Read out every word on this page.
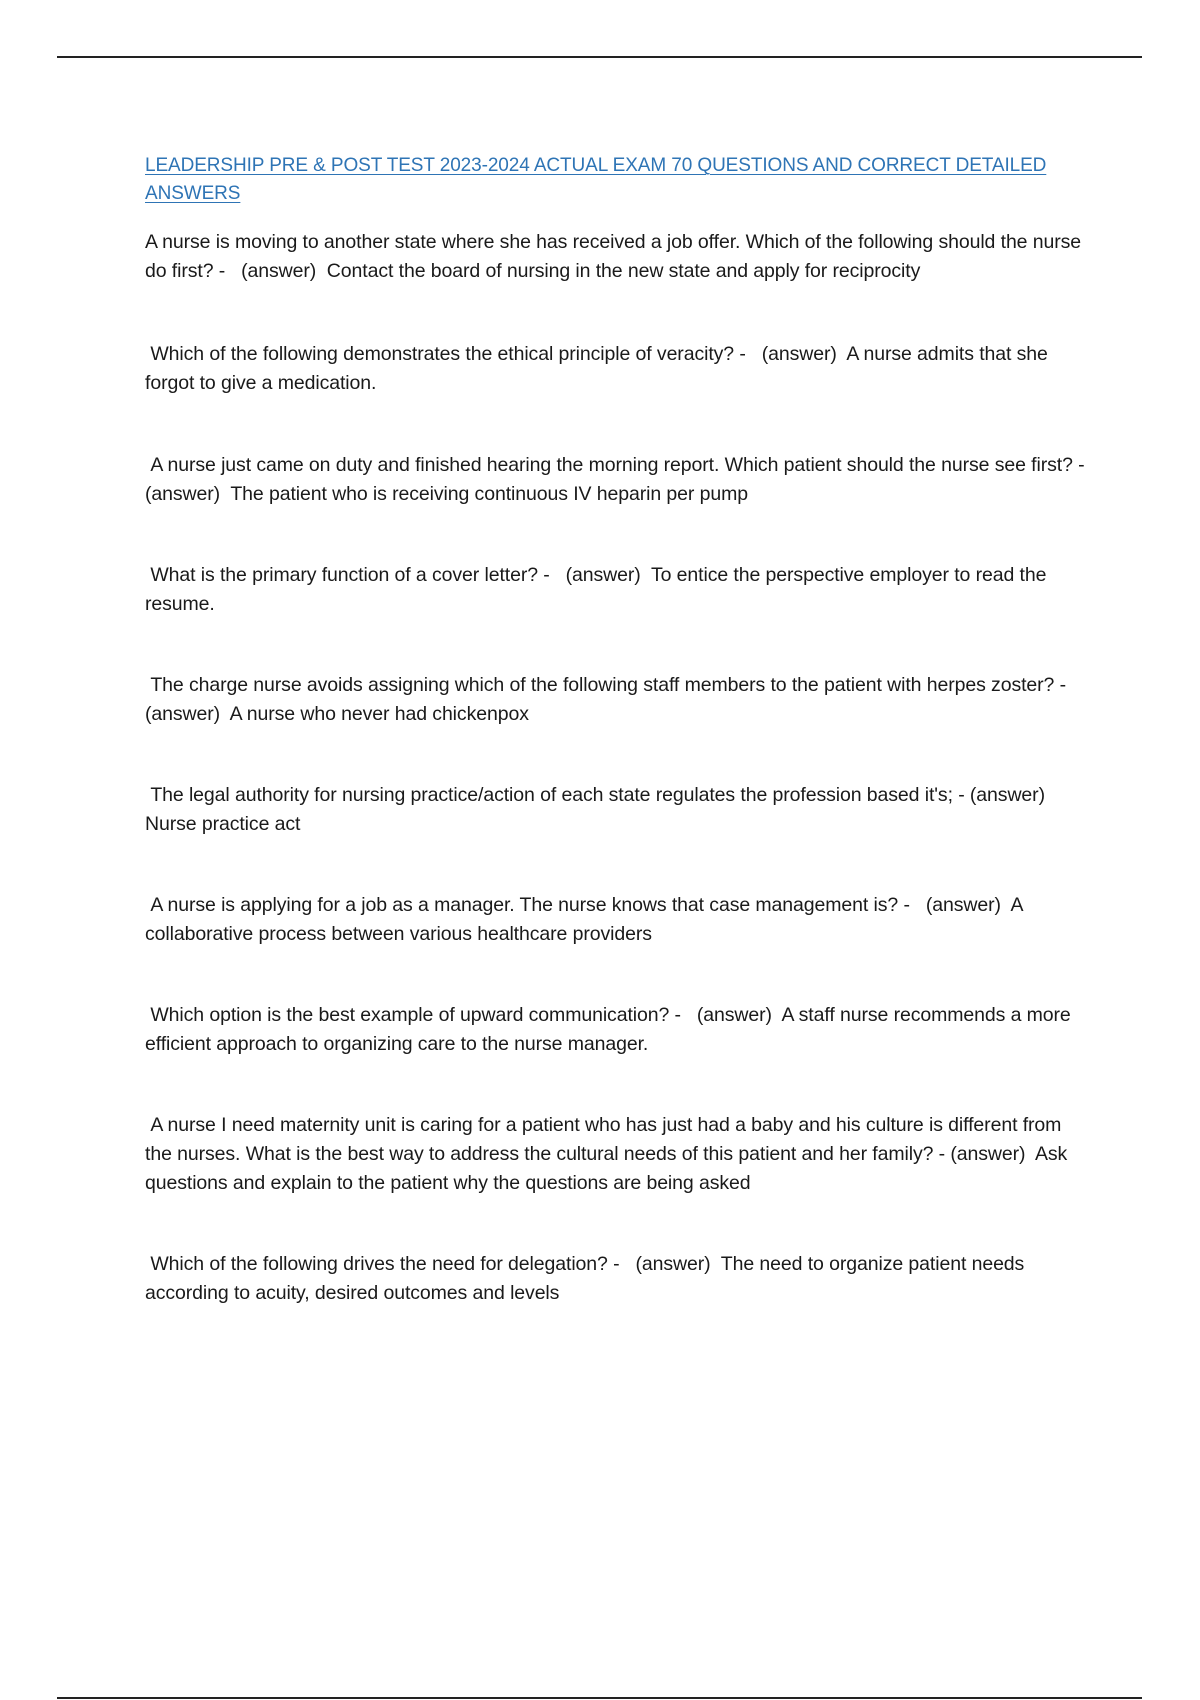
LEADERSHIP PRE & POST TEST 2023-2024 ACTUAL EXAM 70 QUESTIONS AND CORRECT DETAILED ANSWERS

A nurse is moving to another state where she has received a job offer. Which of the following should the nurse do first? -   (answer)  Contact the board of nursing in the new state and apply for reciprocity

Which of the following demonstrates the ethical principle of veracity? -   (answer)  A nurse admits that she forgot to give a medication.

A nurse just came on duty and finished hearing the morning report. Which patient should the nurse see first? -   (answer)  The patient who is receiving continuous IV heparin per pump

What is the primary function of a cover letter? -   (answer)  To entice the perspective employer to read the resume.

The charge nurse avoids assigning which of the following staff members to the patient with herpes zoster? -   (answer)  A nurse who never had chickenpox

The legal authority for nursing practice/action of each state regulates the profession based it's; - (answer)  Nurse practice act

A nurse is applying for a job as a manager. The nurse knows that case management is? -   (answer)  A collaborative process between various healthcare providers

Which option is the best example of upward communication? -   (answer)  A staff nurse recommends a more efficient approach to organizing care to the nurse manager.

A nurse I need maternity unit is caring for a patient who has just had a baby and his culture is different from the nurses. What is the best way to address the cultural needs of this patient and her family? - (answer)  Ask questions and explain to the patient why the questions are being asked

Which of the following drives the need for delegation? -   (answer)  The need to organize patient needs according to acuity, desired outcomes and levels
